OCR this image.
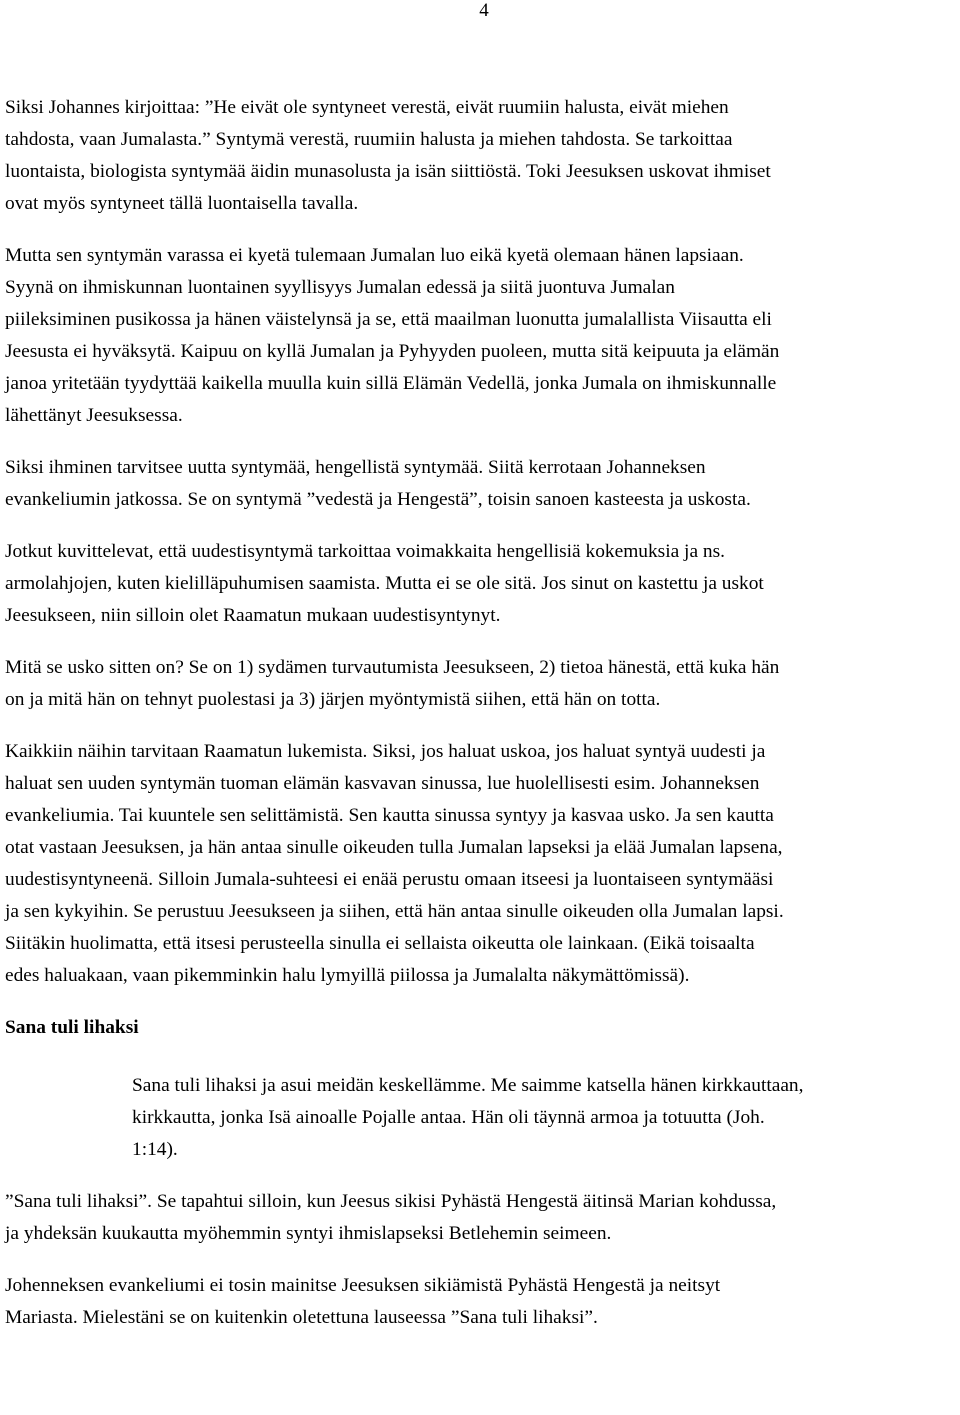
4
Siksi Johannes kirjoittaa: ”He eivät ole syntyneet verestä, eivät ruumiin halusta, eivät miehen
tahdosta, vaan Jumalasta.” Syntymä verestä, ruumiin halusta ja miehen tahdosta. Se tarkoittaa
luontaista, biologista syntymää äidin munasolusta ja isän siittiöstä. Toki Jeesuksen uskovat ihmiset
ovat myös syntyneet tällä luontaisella tavalla.
Mutta sen syntymän varassa ei kyetä tulemaan Jumalan luo eikä kyetä olemaan hänen lapsiaan.
Syynä on ihmiskunnan luontainen syyllisyys Jumalan edessä ja siitä juontuva Jumalan
piileksiminen pusikossa ja hänen väistelynsä ja se, että maailman luonutta jumalallista Viisautta eli
Jeesusta ei hyväksytä. Kaipuu on kyllä Jumalan ja Pyhyyden puoleen, mutta sitä keipuuta ja elämän
janoa yritetään tyydyttää kaikella muulla kuin sillä Elämän Vedellä, jonka Jumala on ihmiskunnalle
lähettänyt Jeesuksessa.
Siksi ihminen tarvitsee uutta syntymää, hengellistä syntymää. Siitä kerrotaan Johanneksen
evankeliumin jatkossa. Se on syntymä ”vedestä ja Hengestä”, toisin sanoen kasteesta ja uskosta.
Jotkut kuvittelevat, että uudestisyntymä tarkoittaa voimakkaita hengellisiä kokemuksia ja ns.
armolahjojen, kuten kielilläpuhumisen saamista. Mutta ei se ole sitä. Jos sinut on kastettu ja uskot
Jeesukseen, niin silloin olet Raamatun mukaan uudestisyntynyt.
Mitä se usko sitten on? Se on 1) sydämen turvautumista Jeesukseen, 2) tietoa hänestä, että kuka hän
on ja mitä hän on tehnyt puolestasi ja 3) järjen myöntymistä siihen, että hän on totta.
Kaikkiin näihin tarvitaan Raamatun lukemista. Siksi, jos haluat uskoa, jos haluat syntyä uudesti ja
haluat sen uuden syntymän tuoman elämän kasvavan sinussa, lue huolellisesti esim. Johanneksen
evankeliumia. Tai kuuntele sen selittämistä. Sen kautta sinussa syntyy ja kasvaa usko. Ja sen kautta
otat vastaan Jeesuksen, ja hän antaa sinulle oikeuden tulla Jumalan lapseksi ja elää Jumalan lapsena,
uudestisyntyneenä. Silloin Jumala-suhteesi ei enää perustu omaan itseesi ja luontaiseen syntymääsi
ja sen kykyihin. Se perustuu Jeesukseen ja siihen, että hän antaa sinulle oikeuden olla Jumalan lapsi.
Siitäkin huolimatta, että itsesi perusteella sinulla ei sellaista oikeutta ole lainkaan. (Eikä toisaalta
edes haluakaan, vaan pikemminkin halu lymyillä piilossa ja Jumalalta näkymättömissä).
Sana tuli lihaksi
Sana tuli lihaksi ja asui meidän keskellämme. Me saimme katsella hänen kirkkauttaan,
kirkkautta, jonka Isä ainoalle Pojalle antaa. Hän oli täynnä armoa ja totuutta (Joh.
1:14).
”Sana tuli lihaksi”. Se tapahtui silloin, kun Jeesus sikisi Pyhästä Hengestä äitinsä Marian kohdussa,
ja yhdeksän kuukautta myöhemmin syntyi ihmislapseksi Betlehemin seimeen.
Johenneksen evankeliumi ei tosin mainitse Jeesuksen sikiämistä Pyhästä Hengestä ja neitsyt
Mariasta. Mielestäni se on kuitenkin oletettuna lauseessa ”Sana tuli lihaksi”.
